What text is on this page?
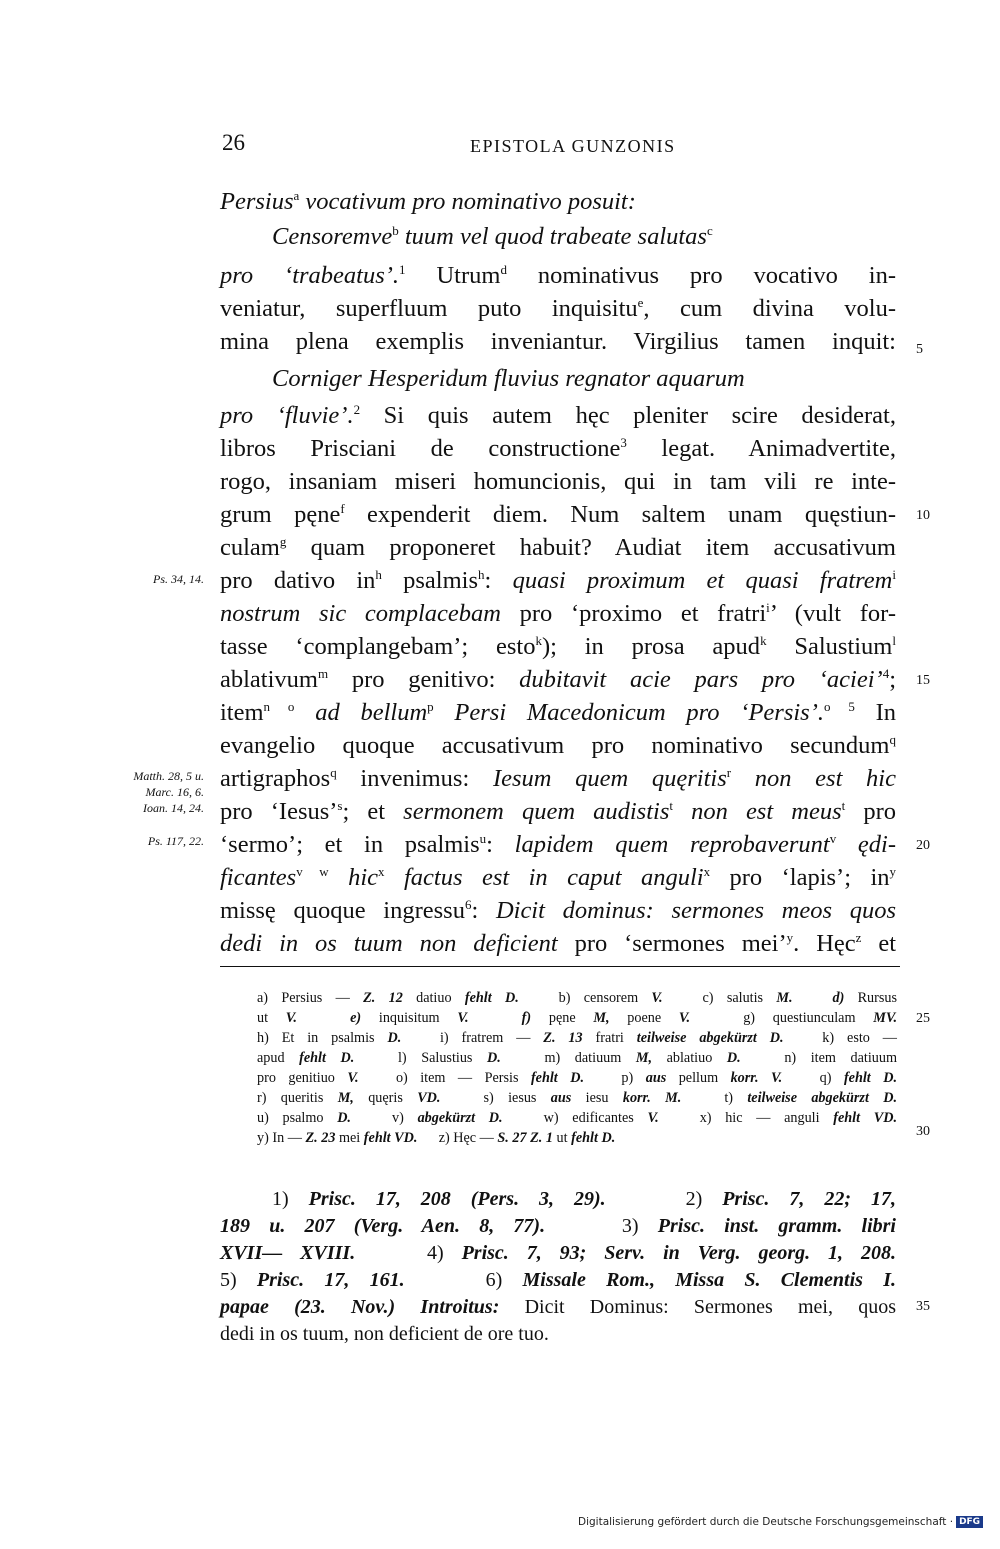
26	EPISTOLA GUNZONIS
Persius$^a$ vocativum pro nominativo posuit:
Censoremve$^b$ tuum vel quod trabeate salutas$^c$
pro ‘trabeatus’.$^1$ Utrum$^d$ nominativus pro vocativo in-
veniatur, superfluum puto inquisitu$^e$, cum divina volu-
mina plena exemplis inveniantur. Virgilius tamen inquit:
Corniger Hesperidum fluvius regnator aquarum
pro ‘fluvie’.$^2$ Si quis autem hęc pleniter scire desiderat,
libros Prisciani de constructione$^3$ legat. Animadvertite,
rogo, insaniam miseri homuncionis, qui in tam vili re inte-
grum pęne$^f$ expenderit diem. Num saltem unam quęstiun-
culam$^g$ quam proponeret habuit? Audiat item accusativum
pro dativo $in^h$ psalmis$^h$: quasi proximum et quasi fratrem$^i$
nostrum sic complacebam pro ‘proximo et fratri$^i$’ (vult for-
tasse ‘complangebam’; esto$^k$); in prosa apud$^k$ Salustium$^l$
ablativum$^m$ pro genitivo: dubitavit acie pars pro ‘aciei’$^4$;
item$^{n o}$ ad bellum$^p$ Persi Macedonicum pro ‘Persis’.$^{o 5}$ In
evangelio quoque accusativum pro nominativo secundum$^q$
artigraphos$^q$ invenimus: Iesum quem quęritis$^r$ non est hic
pro ‘Iesus’$^s$; et sermonem quem audistis$^t$ non est meus$^t$ pro
‘sermo’; et in psalmis$^u$: lapidem quem reprobaverunt$^v$ ędi-
ficantes$^{v w}$ hic$^x$ factus est in caput anguli$^x$ pro ‘lapis’; $in^y$
missę quoque ingressu$^6$: Dicit dominus: sermones meos quos
dedi in os tuum non deficient pro ‘sermones mei’$^y$. Hęc$^z$ et
Ps. 34, 14.
Matth. 28, 5 u.
Marc. 16, 6.
Ioan. 14, 24.
Ps. 117, 22.
5
10
15
20
25
30
35
a) Persius — Z. 12 datiuo fehlt D.   b) censorem V.   c) salutis M.	d) Rursus
ut V.	e) inquisitum V.	f) pęne M, poene V.   g) questiunculam MV.
h) Et in psalmis D.   i) fratrem — Z. 13 fratri teilweise abgekürzt D.   k) esto —
apud fehlt D.   l) Salustius D.   m) datiuum M, ablatiuo D.   n) item datiuum
pro genitiuo V.   o) item — Persis fehlt D.   p) aus pellum korr. V.   q) fehlt D.
r) queritis M, quęris VD.   s) iesus aus iesu korr. M.   t) teilweise abgekürzt D.
u) psalmo D.   v) abgekürzt D.   w) edificantes V.   x) hic — anguli fehlt VD.
y) In — Z. 23 mei fehlt VD.      z) Hęc — S. 27 Z. 1 ut fehlt D.
1) Prisc. 17, 208 (Pers. 3, 29).    2) Prisc. 7, 22; 17,
189 u. 207 (Verg. Aen. 8, 77).    3) Prisc. inst. gramm. libri
XVII— XVIII.    4) Prisc. 7, 93; Serv. in Verg. georg. 1, 208.
5) Prisc. 17, 161.    6) Missale Rom., Missa S. Clementis I.
papae (23. Nov.) Introitus: Dicit Dominus: Sermones mei, quos
dedi in os tuum, non deficient de ore tuo.
Digitalisierung gefördert durch die Deutsche Forschungsgemeinschaft · DFG
